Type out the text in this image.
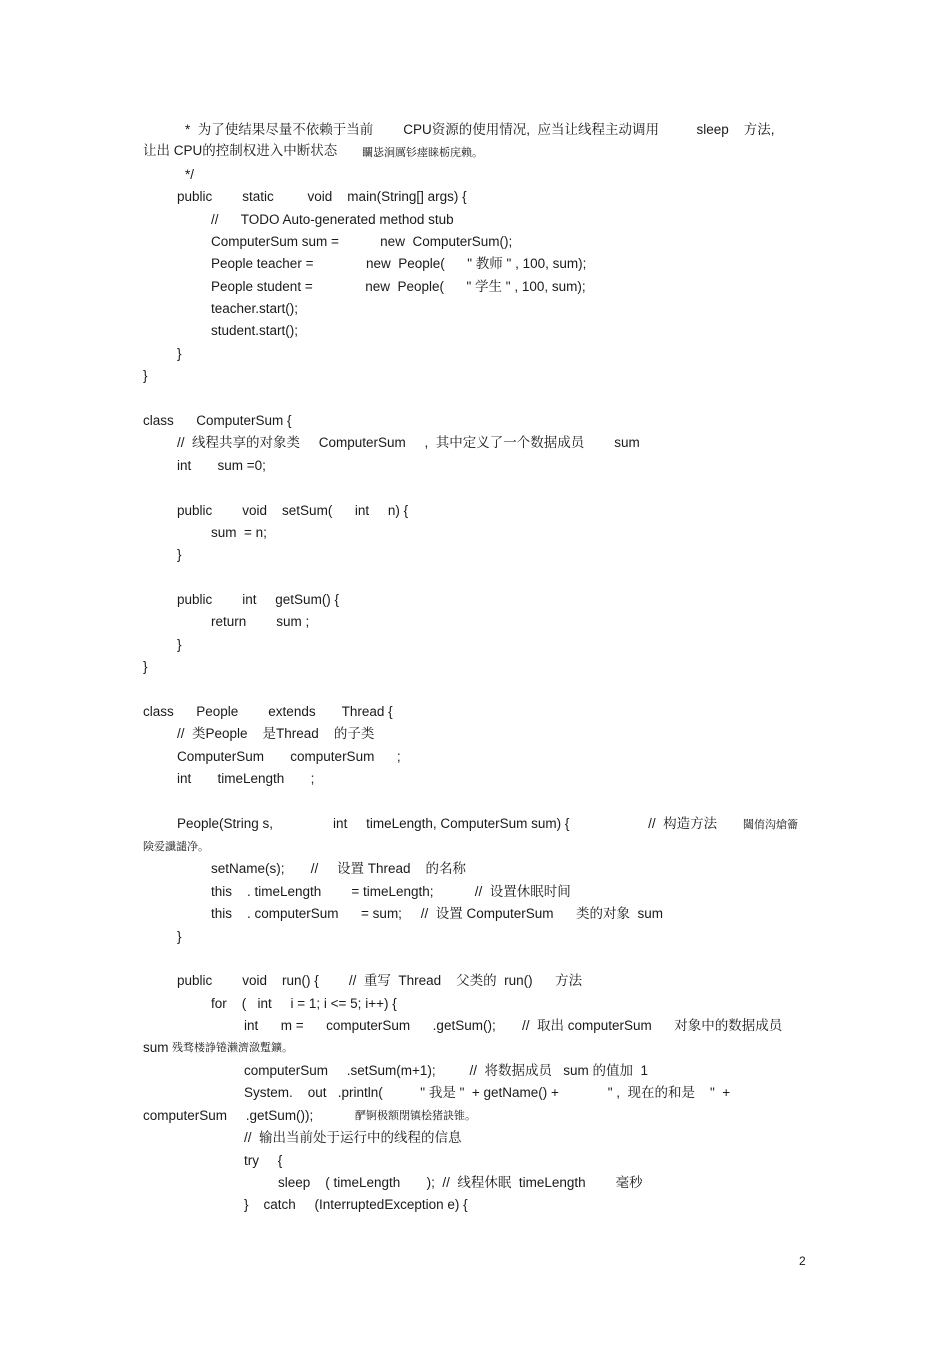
*  为了使结果尽量不依赖于当前        CPU资源的使用情况,  应当让线程主动调用          sleep    方法,
让出 CPU的控制权进入中断状态 矙毖涧厲钐瘗睐栃庑赖。
*/
public        static         void    main(String[] args) {
//      TODO Auto-generated method stub
ComputerSum sum =           new  ComputerSum();
People teacher =              new  People(      " 教师 " , 100, sum);
People student =              new  People(      " 学生 " , 100, sum);
teacher.start();
student.start();
}
}
class      ComputerSum {
//  线程共享的对象类     ComputerSum     ,  其中定义了一个数据成员        sum
int       sum =0;
public        void    setSum(      int     n) {
sum  = n;
}
public        int     getSum() {
return        sum ;
}
}
class      People        extends       Thread {
//  类People    是Thread    的子类
ComputerSum       computerSum      ;
int       timeLength       ;
People(String s,                int     timeLength, ComputerSum sum) {                     //  构造方法 闧俼沟熗籥
険爱讖譴净。
setName(s);       //     设置 Thread    的名称
this    . timeLength        = timeLength;           //  设置休眠时间
this    . computerSum      = sum;     //  设置 ComputerSum      类的对象  sum
}
public        void    run() {        //  重写  Thread    父类的  run()      方法
for    (   int     i = 1; i <= 5; i++) {
int      m =      computerSum      .getSum();       //  取出 computerSum      对象中的数据成员
sum 残骛楼諍锩濑濟潋蹔鑛。
computerSum     .setSum(m+1);         //  将数据成员   sum 的值加  1
System.    out   .println(          " 我是 "  + getName() +             " ,  现在的和是    "  +
computerSum     .getSum());	酽锕极额閉镇桧猪訣锥。
//  输出当前处于运行中的线程的信息
try     {
sleep    ( timeLength       );  //  线程休眠  timeLength        毫秒
}    catch     (InterruptedException e) {
2
